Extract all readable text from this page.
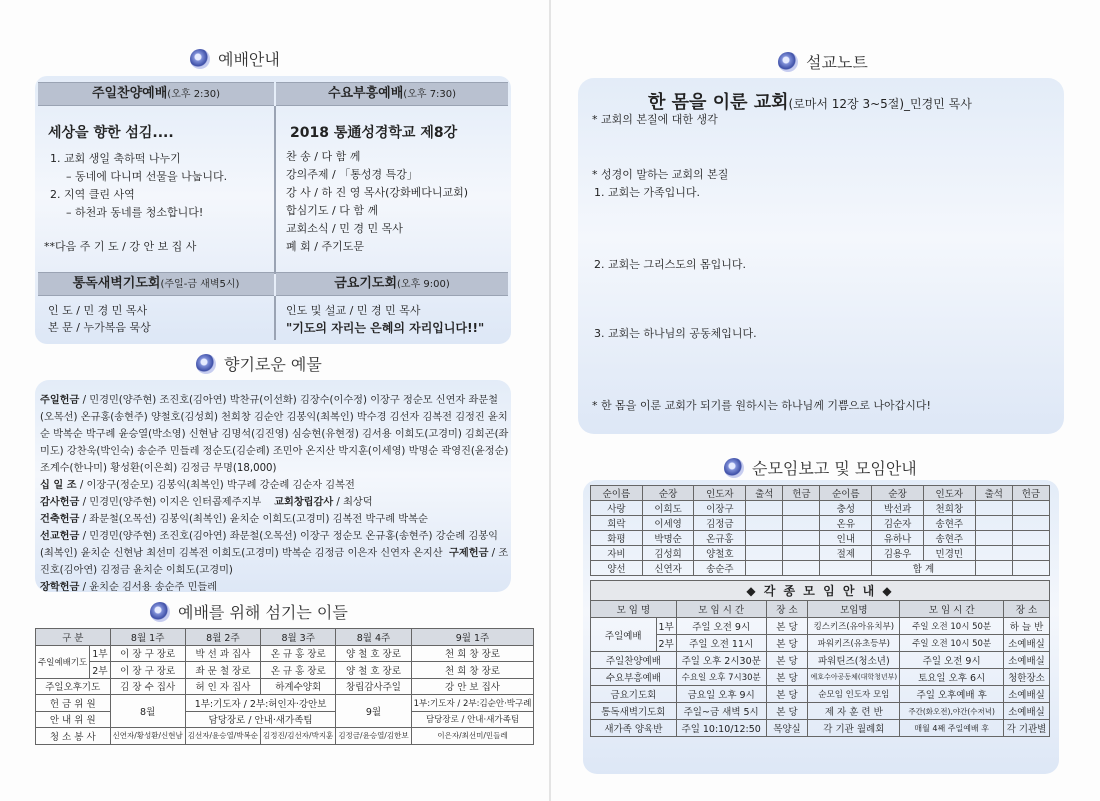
예배안내
주일찬양예배(오후 2:30)	수요부흥예배(오후 7:30)
세상을 향한 섬김....
1. 교회 생일 축하떡 나누기
– 동네에 다니며 선물을 나눕니다.
2. 지역 클린 사역
– 하천과 동네를 청소합니다!
**다음 주 기 도 / 강 안 보 집 사
2018 통通성경학교 제8강
찬 송 / 다 함 께
강의주제 / 「통성경 특강」
강 사 / 하 진 영 목사(강화베다니교회)
합심기도 / 다 함 께
교회소식 / 민 경 민 목사
폐 회 / 주기도문
통독새벽기도회(주일-금 새벽5시)	금요기도회(오후 9:00)
인 도 / 민 경 민 목사
본 문 / 누가복음 묵상
인도 및 설교 / 민 경 민 목사
"기도의 자리는 은혜의 자리입니다!!"
향기로운 예물
주일헌금 / 민경민(양주현) 조진호(김아연) 박찬규(이선화) 김장수(이수정) 이장구 정순모 신연자 좌문철(오목선) 온규홍(송현주) 양철호(김성희) 천희창 김순안 김봉익(최복인) 박수경 김선자 김복전 김정진 윤치순 박복순 박구례 윤승열(박소영) 신현남 김명석(김진영) 심승현(유현정) 김서용 이희도(고경미) 김희곤(좌미도) 강찬욱(박인숙) 송순주 민들레 정순도(김순례) 조민아 온지산 박지훈(이세영) 박명순 곽영진(윤정순) 조계수(한나미) 황성환(이은희) 김정금 무명(18,000)
십 일 조 / 이장구(정순모) 김봉익(최복인) 박구례 강순례 김순자 김복전
감사헌금 / 민경민(양주현) 이지은 인터콥제주지부 교회창립감사 / 최상덕
건축헌금 / 좌문철(오목선) 김봉익(최복인) 윤치순 이희도(고경미) 김복전 박구례 박복순
선교헌금 / 민경민(양주현) 조진호(김아연) 좌문철(오목선) 이장구 정순모 온규홍(송현주) 강순례 김봉익(최복인) 윤치순 신현남 최선미 김복전 이희도(고경미) 박복순 김정금 이은자 신연자 온지산 구제헌금 / 조진호(김아연) 김정금 윤치순 이희도(고경미)
장학헌금 / 윤치순 김서용 송순주 민들레
예배를 위해 섬기는 이들
구 분		8월 1주	8월 2주	8월 3주	8월 4주	9월 1주
주일예배기도	1부	이 장 구 장로	박 선 과 집사	온 규 홍 장로	양 철 호 장로	천 희 창 장로
	2부	이 장 구 장로	좌 문 철 장로	온 규 홍 장로	양 철 호 장로	천 희 창 장로
주일오후기도		김 장 수 집사	허 인 자 집사	하계수양회	창립감사주일	강 안 보 집사
헌 금 위 원		8월	1부:기도자 / 2부:허인자·강안보		9월	1부:기도자 / 2부:김순안·박구례
안 내 위 원			담당장로 / 안내·새가족팀			담당장로 / 안내·새가족팀
청 소 봉 사		신연자/황성환/신현남	김선자/윤승열/박복순	김정진/김선자/박지훈	김정금/윤승열/김한보	이은자/최선미/민들레
설교노트
한 몸을 이룬 교회(로마서 12장 3~5절)_민경민 목사
* 교회의 본질에 대한 생각
* 성경이 말하는 교회의 본질
1. 교회는 가족입니다.
2. 교회는 그리스도의 몸입니다.
3. 교회는 하나님의 공동체입니다.
* 한 몸을 이룬 교회가 되기를 원하시는 하나님께 기쁨으로 나아갑시다!
순모임보고 및 모임안내
순이름	순장	인도자	출석	헌금	순이름	순장	인도자	출석	헌금
사랑	이희도	이장구			충성	박선과	천희창		
희락	이세영	김정금			온유	김순자	송현주		
화평	박명순	온규홍			인내	유하나	송현주		
자비	김성희	양철호			절제	김용우	민경민		
양선	신연자	송순주				합 계			
◆ 각 종 모 임 안 내 ◆						
모 임 명		모 임 시 간	장 소	모임명	모 임 시 간	장 소
주일예배	1부	주일 오전 9시	본 당	킹스키즈(유아유치부)	주일 오전 10시 50분	하 늘 반
	2부	주일 오전 11시	본 당	파워키즈(유초등부)	주일 오전 10시 50분	소예배실
주일찬양예배		주일 오후 2시30분	본 당	파워틴즈(청소년)	주일 오전 9시	소예배실
수요부흥예배		수요일 오후 7시30분	본 당	예호수아공동체(대학청년부)	토요일 오후 6시	청한장소
금요기도회		금요일 오후 9시	본 당	순모임 인도자 모임	주일 오후예배 후	소예배실
통독새벽기도회		주일~금 새벽 5시	본 당	제 자 훈 련 반	주간(화오전),야간(수저녁)	소예배실
새가족 양육반		주일 10:10/12:50	목양실	각 기관 월례회	매월 4째 주일예배 후	각 기관별
